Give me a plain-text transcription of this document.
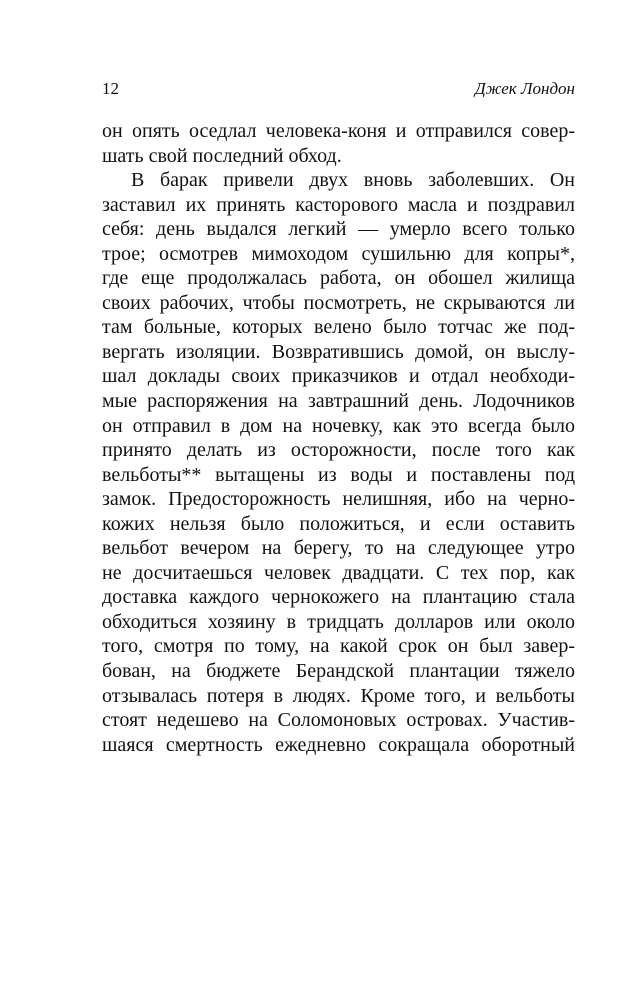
12	Джек Лондон
он опять оседлал человека-коня и отправился совер-
шать свой последний обход.
В барак привели двух вновь заболевших. Он
заставил их принять касторового масла и поздравил
себя: день выдался легкий — умерло всего только
трое; осмотрев мимоходом сушильню для копры*,
где еще продолжалась работа, он обошел жилища
своих рабочих, чтобы посмотреть, не скрываются ли
там больные, которых велено было тотчас же под-
вергать изоляции. Возвратившись домой, он выслу-
шал доклады своих приказчиков и отдал необходи-
мые распоряжения на завтрашний день. Лодочников
он отправил в дом на ночевку, как это всегда было
принято делать из осторожности, после того как
вельботы** вытащены из воды и поставлены под
замок. Предосторожность нелишняя, ибо на черно-
кожих нельзя было положиться, и если оставить
вельбот вечером на берегу, то на следующее утро
не досчитаешься человек двадцати. С тех пор, как
доставка каждого чернокожего на плантацию стала
обходиться хозяину в тридцать долларов или около
того, смотря по тому, на какой срок он был завер-
бован, на бюджете Берандской плантации тяжело
отзывалась потеря в людях. Кроме того, и вельботы
стоят недешево на Соломоновых островах. Участив-
шаяся смертность ежедневно сокращала оборотный
